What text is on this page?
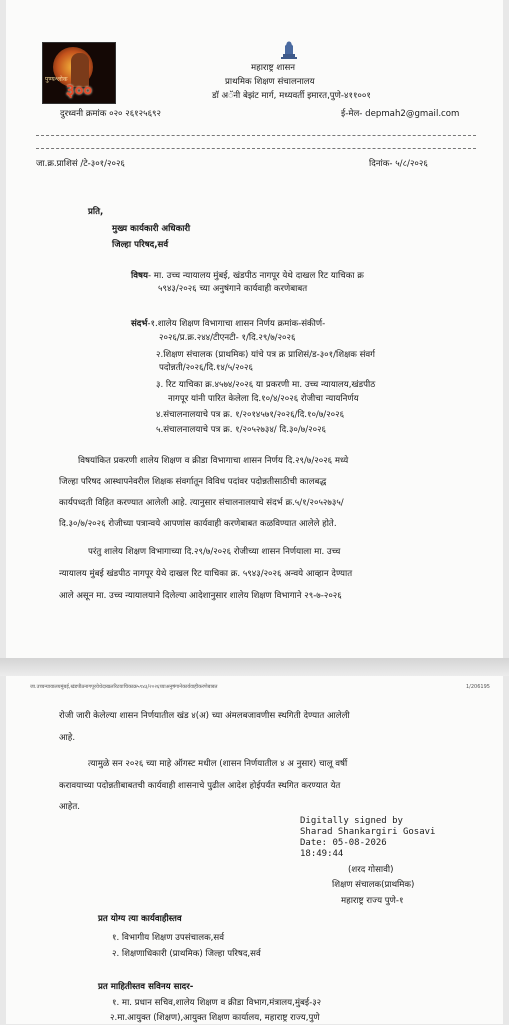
पुण्यश्लोक
३००
महाराष्ट्र शासन
प्राथमिक शिक्षण संचालनालय
डॉ अॅनी बेझंट मार्ग, मध्यवर्ती इमारत,पुणे-४११००१
दुरध्वनी क्रमांक ०२० २६१२५६९२	ई-मेल- depmah2@gmail.com
जा.क्र.प्राशिसं /टे-३०१/२०२६	दिनांक- ५/८/२०२६
प्रति,
मुख्य कार्यकारी अधिकारी
जिल्हा परिषद,सर्व
विषय- मा. उच्च न्यायालय मुंबई, खंडपीठ नागपूर येथे दाखल रिट याचिका क्र
५९४३/२०२६ च्या अनुषंगाने कार्यवाही करणेबाबत
संदर्भ-१.शालेय शिक्षण विभागाचा शासन निर्णय क्रमांक-संकीर्ण-
२०२६/प्र.क्र.२४४/टीएनटी- १/दि.२९/७/२०२६
२.शिक्षण संचालक (प्राथमिक) यांचे पत्र क्र प्राशिसं/ड-३०१/शिक्षक संवर्ग
पदोन्नती/२०२६/दि.१४/५/२०२६
३. रिट याचिका क्र.४५७४/२०२६ या प्रकरणी मा. उच्च न्यायालय,खंडपीठ
नागपूर यांनी पारित केलेला दि.१०/४/२०२६ रोजीचा न्यायनिर्णय
४.संचालनालयाचे पत्र क्र. १/२०१४५७१/२०२६/दि.१०/७/२०२६
५.संचालनालयाचे पत्र क्र. १/२०५२७३४/ दि.३०/७/२०२६
विषयांकित प्रकरणी शालेय शिक्षण व क्रीडा विभागाचा शासन निर्णय दि.२९/७/२०२६ मध्ये
जिल्हा परिषद आस्थापनेवरील शिक्षक संवर्गातून विविध पदांवर पदोन्नतीसाठीची कालबद्ध
कार्यपध्दती विहित करण्यात आलेली आहे. त्यानुसार संचालनालयाचे संदर्भ क्र.५/१/२०५२७३५/
दि.३०/७/२०२६ रोजीच्या पत्रान्वये आपणांस कार्यवाही करणेबाबत कळविण्यात आलेले होते.
परंतु शालेय शिक्षण विभागाच्या दि.२९/७/२०२६ रोजीच्या शासन निर्णयाला मा. उच्च
न्यायालय मुंबई खंडपीठ नागपूर येथे दाखल रिट याचिका क्र. ५९४३/२०२६ अन्वये आव्हान देण्यात
आले असून मा. उच्च न्यायालयाने दिलेल्या आदेशानुसार शालेय शिक्षण विभागाने २९-७-२०२६
जा.उच्चन्यायालयमुंबई,खंडपीठनागपूरयेथेदाखलरिटयाचिकाक्र५९४३/२०२६च्याअनुषंगानेकार्यवाहीकरणेबाबत	1/206195
रोजी जारी केलेल्या शासन निर्णयातील खंड ४(अ) च्या अंमलबजावणीस स्थगिती देण्यात आलेली
आहे.
त्यामुळे सन २०२६ च्या माहे ऑगस्ट मधील (शासन निर्णयातील ४ अ नुसार) चालू वर्षी
करावयाच्या पदोन्नतीबाबतची कार्यवाही शासनाचे पुढील आदेश होईपर्यंत स्थगित करण्यात येत
आहेत.
Digitally signed by
Sharad Shankargiri Gosavi
Date: 05-08-2026
18:49:44
(शरद गोसावी)
शिक्षण संचालक(प्राथमिक)
महाराष्ट्र राज्य पुणे-१
प्रत योग्य त्या कार्यवाहीस्तव
१. विभागीय शिक्षण उपसंचालक,सर्व
२. शिक्षणाधिकारी (प्राथमिक) जिल्हा परिषद,सर्व
प्रत माहितीस्तव सविनय सादर-
१. मा. प्रधान सचिव,शालेय शिक्षण व क्रीडा विभाग,मंत्रालय,मुंबई-३२
२.मा.आयुक्त (शिक्षण),आयुक्त शिक्षण कार्यालय, महाराष्ट्र राज्य,पुणे
